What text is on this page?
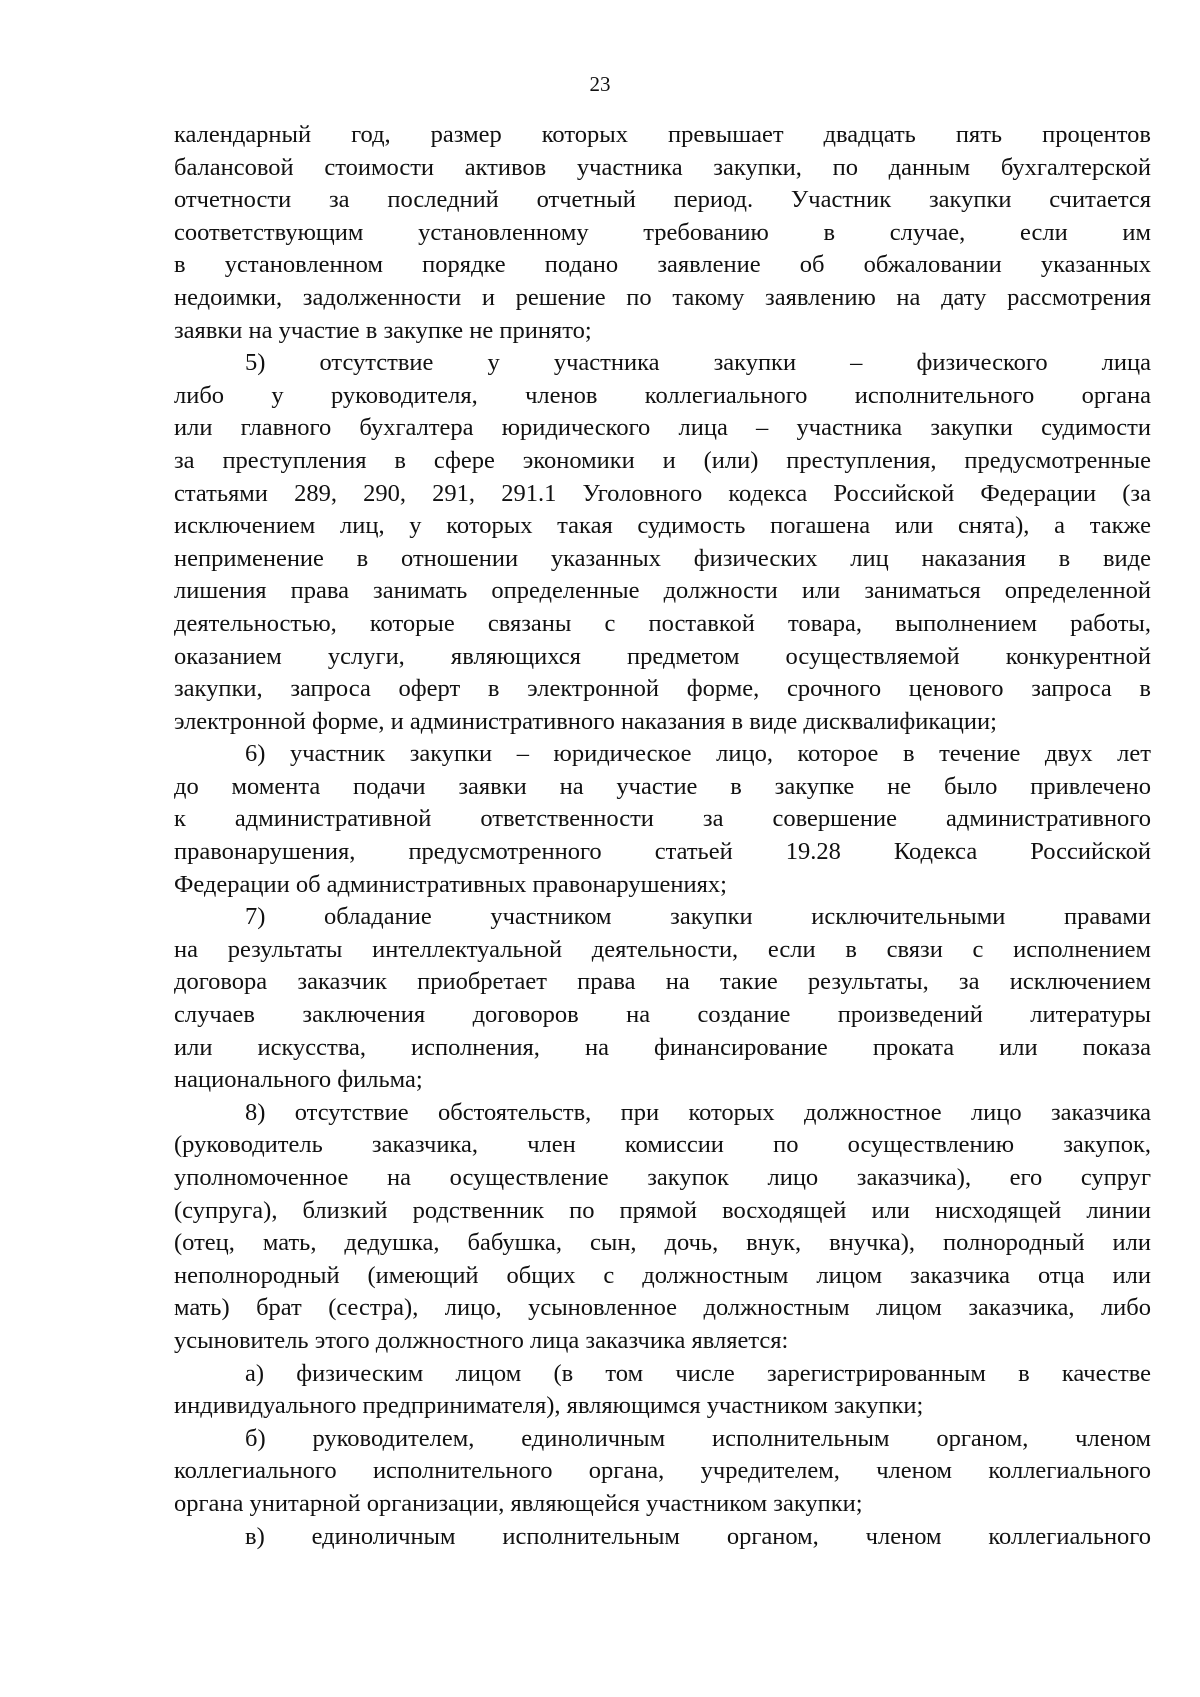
23
календарный год, размер которых превышает двадцать пять процентов
балансовой стоимости активов участника закупки, по данным бухгалтерской
отчетности за последний отчетный период. Участник закупки считается
соответствующим установленному требованию в случае, если им
в установленном порядке подано заявление об обжаловании указанных
недоимки, задолженности и решение по такому заявлению на дату рассмотрения
заявки на участие в закупке не принято;
5) отсутствие у участника закупки – физического лица
либо у руководителя, членов коллегиального исполнительного органа
или главного бухгалтера юридического лица – участника закупки судимости
за преступления в сфере экономики и (или) преступления, предусмотренные
статьями 289, 290, 291, 291.1 Уголовного кодекса Российской Федерации (за
исключением лиц, у которых такая судимость погашена или снята), а также
неприменение в отношении указанных физических лиц наказания в виде
лишения права занимать определенные должности или заниматься определенной
деятельностью, которые связаны с поставкой товара, выполнением работы,
оказанием услуги, являющихся предметом осуществляемой конкурентной
закупки, запроса оферт в электронной форме, срочного ценового запроса в
электронной форме, и административного наказания в виде дисквалификации;
6) участник закупки – юридическое лицо, которое в течение двух лет
до момента подачи заявки на участие в закупке не было привлечено
к административной ответственности за совершение административного
правонарушения, предусмотренного статьей 19.28 Кодекса Российской
Федерации об административных правонарушениях;
7) обладание участником закупки исключительными правами
на результаты интеллектуальной деятельности, если в связи с исполнением
договора заказчик приобретает права на такие результаты, за исключением
случаев заключения договоров на создание произведений литературы
или искусства, исполнения, на финансирование проката или показа
национального фильма;
8) отсутствие обстоятельств, при которых должностное лицо заказчика
(руководитель заказчика, член комиссии по осуществлению закупок,
уполномоченное на осуществление закупок лицо заказчика), его супруг
(супруга), близкий родственник по прямой восходящей или нисходящей линии
(отец, мать, дедушка, бабушка, сын, дочь, внук, внучка), полнородный или
неполнородный (имеющий общих с должностным лицом заказчика отца или
мать) брат (сестра), лицо, усыновленное должностным лицом заказчика, либо
усыновитель этого должностного лица заказчика является:
а) физическим лицом (в том числе зарегистрированным в качестве
индивидуального предпринимателя), являющимся участником закупки;
б) руководителем, единоличным исполнительным органом, членом
коллегиального исполнительного органа, учредителем, членом коллегиального
органа унитарной организации, являющейся участником закупки;
в) единоличным исполнительным органом, членом коллегиального
